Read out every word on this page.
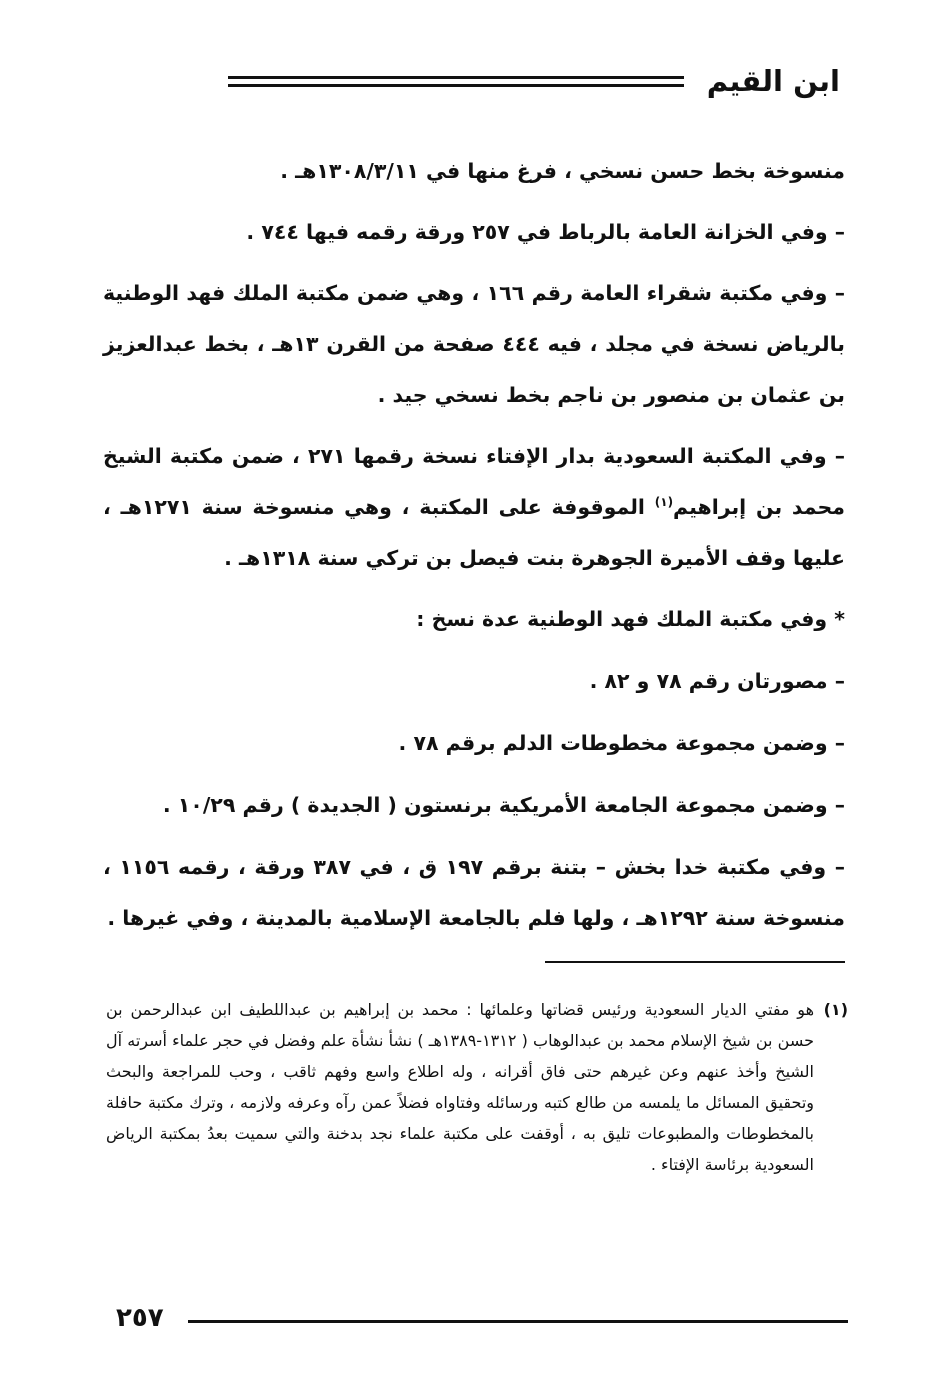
ابن القيم

منسوخة بخط حسن نسخي ، فرغ منها في ١٣٠٨/٣/١١هـ .

– وفي الخزانة العامة بالرباط في ٢٥٧ ورقة رقمه فيها ٧٤٤ .

– وفي مكتبة شقراء العامة رقم ١٦٦ ، وهي ضمن مكتبة الملك فهد الوطنية بالرياض نسخة في مجلد ، فيه ٤٤٤ صفحة من القرن ١٣هـ ، بخط عبدالعزيز بن عثمان بن منصور بن ناجم بخط نسخي جيد .

– وفي المكتبة السعودية بدار الإفتاء نسخة رقمها ٢٧١ ، ضمن مكتبة الشيخ محمد بن إبراهيم$^{(١)}$ الموقوفة على المكتبة ، وهي منسوخة سنة ١٢٧١هـ ، عليها وقف الأميرة الجوهرة بنت فيصل بن تركي سنة ١٣١٨هـ .

* وفي مكتبة الملك فهد الوطنية عدة نسخ :

– مصورتان رقم ٧٨ و ٨٢ .

– وضمن مجموعة مخطوطات الدلم برقم ٧٨ .

– وضمن مجموعة الجامعة الأمريكية برنستون ( الجديدة ) رقم ١٠/٢٩ .

– وفي مكتبة خدا بخش – بتنة برقم ١٩٧ ق ، في ٣٨٧ ورقة ، رقمه ١١٥٦ ، منسوخة سنة ١٢٩٢هـ ، ولها فلم بالجامعة الإسلامية بالمدينة ، وفي غيرها .

(١)
هو مفتي الديار السعودية ورئيس قضاتها وعلمائها : محمد بن إبراهيم بن عبداللطيف ابن عبدالرحمن بن حسن بن شيخ الإسلام محمد بن عبدالوهاب ( ١٣١٢-١٣٨٩هـ ) نشأ نشأة علم وفضل في حجر علماء أسرته آل الشيخ وأخذ عنهم وعن غيرهم حتى فاق أقرانه ، وله اطلاع واسع وفهم ثاقب ، وحب للمراجعة والبحث وتحقيق المسائل ما يلمسه من طالع كتبه ورسائله وفتاواه فضلاً عمن رآه وعرفه ولازمه ، وترك مكتبة حافلة بالمخطوطات والمطبوعات تليق به ، أوقفت على مكتبة علماء نجد بدخنة والتي سميت بعدُ بمكتبة الرياض السعودية برئاسة الإفتاء .
٢٥٧
